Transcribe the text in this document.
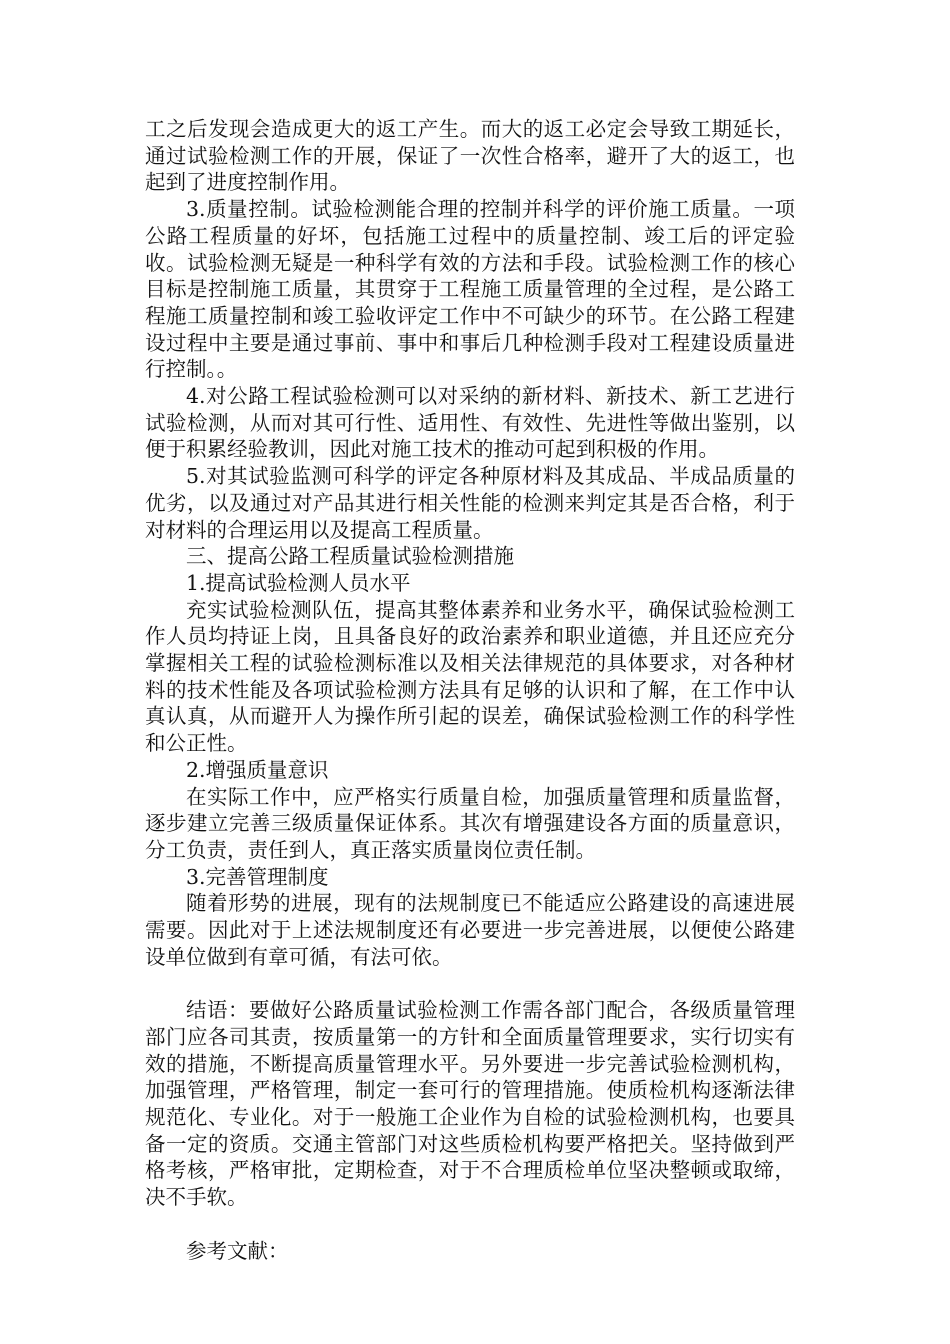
工之后发现会造成更大的返工产生。而大的返工必定会导致工期延长，通过试验检测工作的开展，保证了一次性合格率，避开了大的返工，也起到了进度控制作用。

3.质量控制。试验检测能合理的控制并科学的评价施工质量。一项公路工程质量的好坏，包括施工过程中的质量控制、竣工后的评定验收。试验检测无疑是一种科学有效的方法和手段。试验检测工作的核心目标是控制施工质量，其贯穿于工程施工质量管理的全过程，是公路工程施工质量控制和竣工验收评定工作中不可缺少的环节。在公路工程建设过程中主要是通过事前、事中和事后几种检测手段对工程建设质量进行控制。。

4.对公路工程试验检测可以对采纳的新材料、新技术、新工艺进行试验检测，从而对其可行性、适用性、有效性、先进性等做出鉴别，以便于积累经验教训，因此对施工技术的推动可起到积极的作用。

5.对其试验监测可科学的评定各种原材料及其成品、半成品质量的优劣，以及通过对产品其进行相关性能的检测来判定其是否合格，利于对材料的合理运用以及提高工程质量。

三、提高公路工程质量试验检测措施

1.提高试验检测人员水平

充实试验检测队伍，提高其整体素养和业务水平，确保试验检测工作人员均持证上岗，且具备良好的政治素养和职业道德，并且还应充分掌握相关工程的试验检测标准以及相关法律规范的具体要求，对各种材料的技术性能及各项试验检测方法具有足够的认识和了解，在工作中认真认真，从而避开人为操作所引起的误差，确保试验检测工作的科学性和公正性。

2.增强质量意识

在实际工作中，应严格实行质量自检，加强质量管理和质量监督，逐步建立完善三级质量保证体系。其次有增强建设各方面的质量意识，分工负责，责任到人，真正落实质量岗位责任制。

3.完善管理制度

随着形势的进展，现有的法规制度已不能适应公路建设的高速进展需要。因此对于上述法规制度还有必要进一步完善进展，以便使公路建设单位做到有章可循，有法可依。

结语：要做好公路质量试验检测工作需各部门配合，各级质量管理部门应各司其责，按质量第一的方针和全面质量管理要求，实行切实有效的措施，不断提高质量管理水平。另外要进一步完善试验检测机构，加强管理，严格管理，制定一套可行的管理措施。使质检机构逐渐法律规范化、专业化。对于一般施工企业作为自检的试验检测机构，也要具备一定的资质。交通主管部门对这些质检机构要严格把关。坚持做到严格考核，严格审批，定期检查，对于不合理质检单位坚决整顿或取缔，决不手软。

参考文献：
